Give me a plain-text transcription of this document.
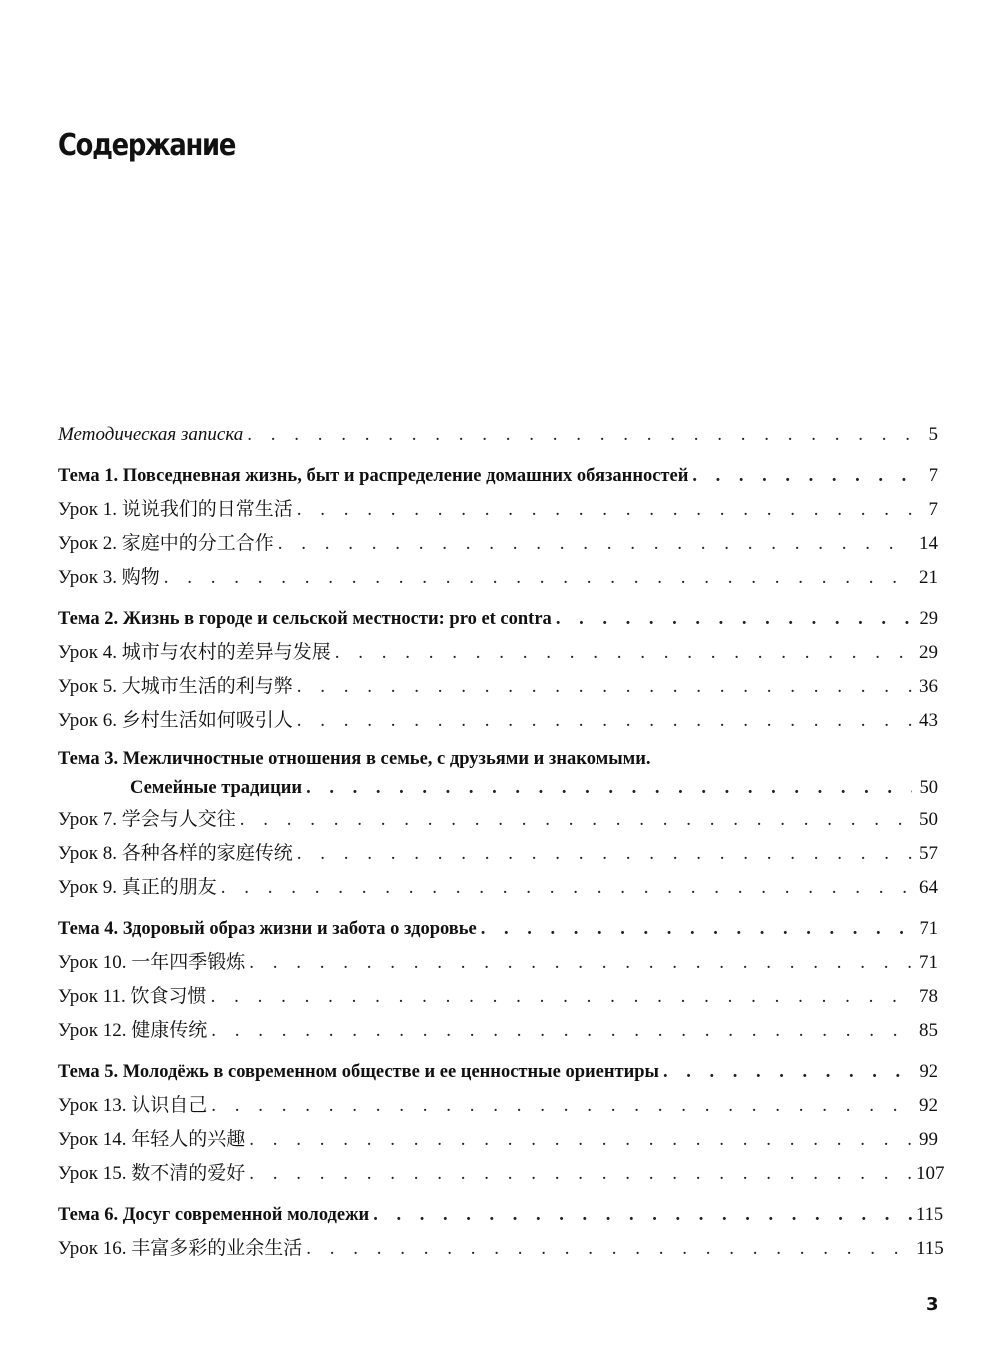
Содержание
Методическая записка . . .	5
Тема 1. Повседневная жизнь, быт и распределение домашних обязанностей . . .	7
Урок 1. 说说我们的日常生活 . . .	7
Урок 2. 家庭中的分工合作 . . .	14
Урок 3. 购物 . . .	21
Тема 2. Жизнь в городе и сельской местности: pro et contra . . .	29
Урок 4. 城市与农村的差异与发展 . . .	29
Урок 5. 大城市生活的利与弊 . . .	36
Урок 6. 乡村生活如何吸引人 . . .	43
Тема 3. Межличностные отношения в семье, с друзьями и знакомыми.
Семейные традиции . . .	50
Урок 7. 学会与人交往 . . .	50
Урок 8. 各种各样的家庭传统 . . .	57
Урок 9. 真正的朋友 . . .	64
Тема 4. Здоровый образ жизни и забота о здоровье . . .	71
Урок 10. 一年四季锻炼 . . .	71
Урок 11. 饮食习惯 . . .	78
Урок 12. 健康传统 . . .	85
Тема 5. Молодёжь в современном обществе и ее ценностные ориентиры . . .	92
Урок 13. 认识自己 . . .	92
Урок 14. 年轻人的兴趣 . . .	99
Урок 15. 数不清的爱好 . . .	107
Тема 6. Досуг современной молодежи . . .	115
Урок 16. 丰富多彩的业余生活 . . .	115
3
